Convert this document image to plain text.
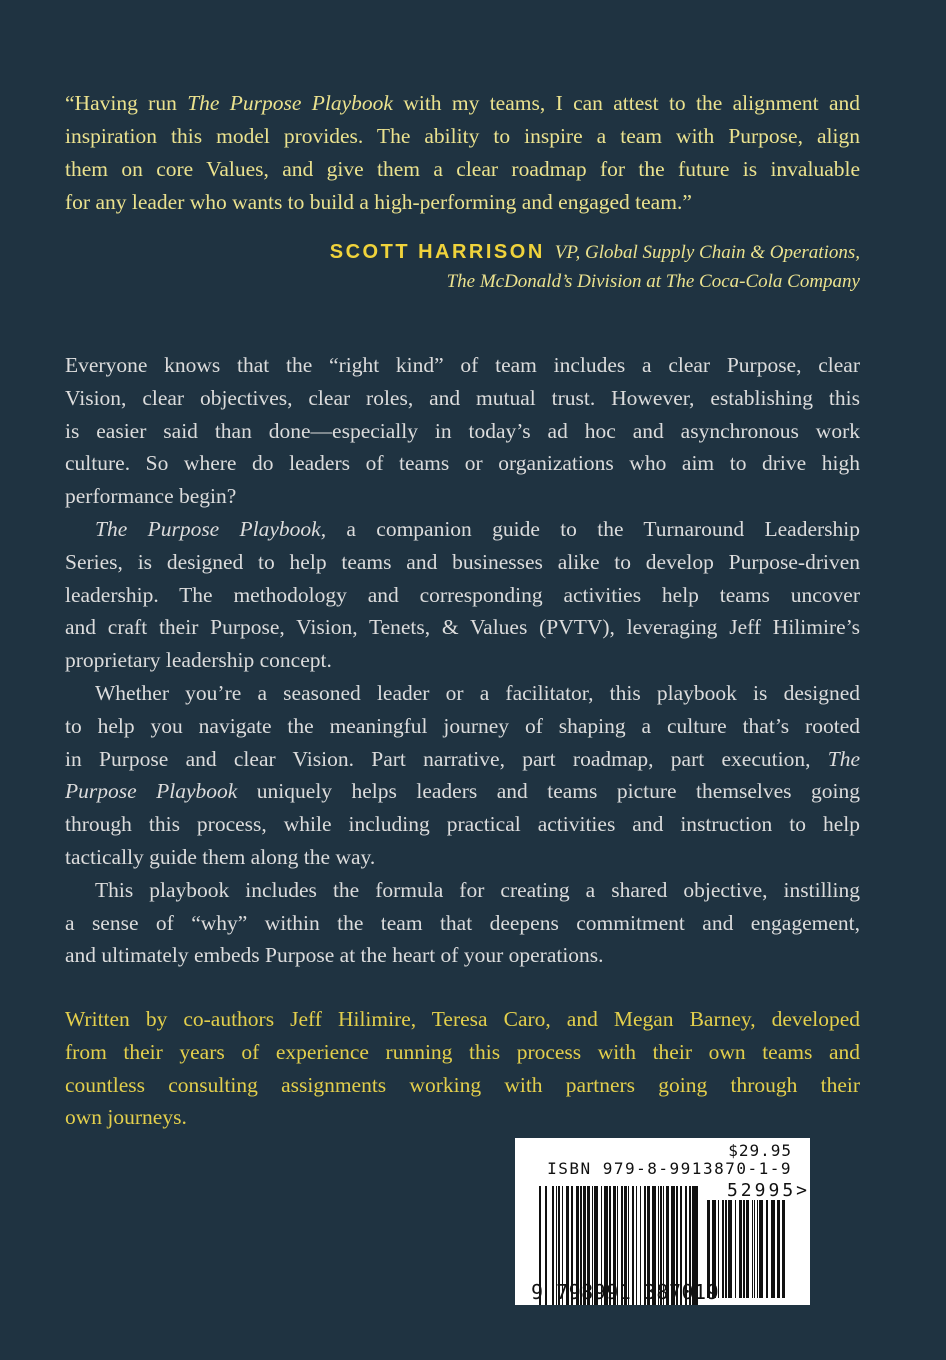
“Having run The Purpose Playbook with my teams, I can attest to the alignment and
inspiration this model provides. The ability to inspire a team with Purpose, align
them on core Values, and give them a clear roadmap for the future is invaluable
for any leader who wants to build a high-performing and engaged team.”
SCOTT HARRISON VP, Global Supply Chain & Operations,
The McDonald’s Division at The Coca-Cola Company
Everyone knows that the “right kind” of team includes a clear Purpose, clear
Vision, clear objectives, clear roles, and mutual trust. However, establishing this
is easier said than done—especially in today’s ad hoc and asynchronous work
culture. So where do leaders of teams or organizations who aim to drive high
performance begin?
The Purpose Playbook, a companion guide to the Turnaround Leadership
Series, is designed to help teams and businesses alike to develop Purpose-driven
leadership. The methodology and corresponding activities help teams uncover
and craft their Purpose, Vision, Tenets, & Values (PVTV), leveraging Jeff Hilimire’s
proprietary leadership concept.
Whether you’re a seasoned leader or a facilitator, this playbook is designed
to help you navigate the meaningful journey of shaping a culture that’s rooted
in Purpose and clear Vision. Part narrative, part roadmap, part execution, The
Purpose Playbook uniquely helps leaders and teams picture themselves going
through this process, while including practical activities and instruction to help
tactically guide them along the way.
This playbook includes the formula for creating a shared objective, instilling
a sense of “why” within the team that deepens commitment and engagement,
and ultimately embeds Purpose at the heart of your operations.
Written by co-authors Jeff Hilimire, Teresa Caro, and Megan Barney, developed
from their years of experience running this process with their own teams and
countless consulting assignments working with partners going through their
own journeys.
$29.95
ISBN 979-8-9913870-1-9
52995>
9 798991 387019
